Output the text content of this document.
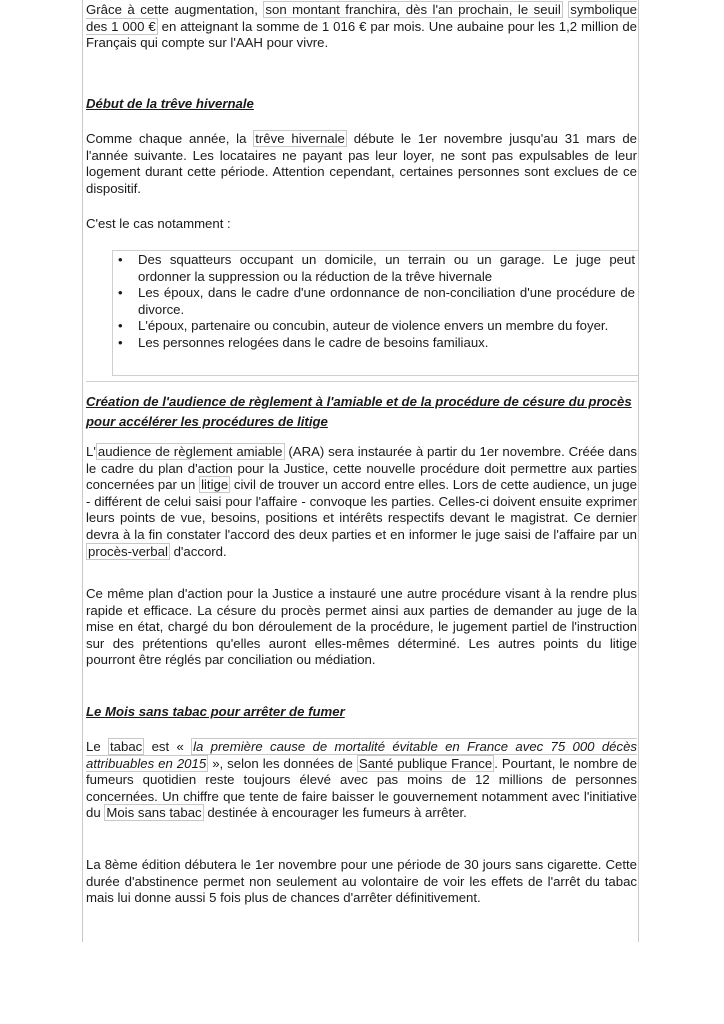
Grâce à cette augmentation, son montant franchira, dès l'an prochain, le seuil symbolique des 1 000 € en atteignant la somme de 1 016 € par mois. Une aubaine pour les 1,2 million de Français qui compte sur l'AAH pour vivre.

Début de la trêve hivernale

Comme chaque année, la trêve hivernale débute le 1er novembre jusqu'au 31 mars de l'année suivante. Les locataires ne payant pas leur loyer, ne sont pas expulsables de leur logement durant cette période. Attention cependant, certaines personnes sont exclues de ce dispositif.

C'est le cas notamment :

• Des squatteurs occupant un domicile, un terrain ou un garage. Le juge peut ordonner la suppression ou la réduction de la trêve hivernale
• Les époux, dans le cadre d'une ordonnance de non-conciliation d'une procédure de divorce.
• L'époux, partenaire ou concubin, auteur de violence envers un membre du foyer.
• Les personnes relogées dans le cadre de besoins familiaux.

Création de l'audience de règlement à l'amiable et de la procédure de césure du procès pour accélérer les procédures de litige

L' audience de règlement amiable (ARA) sera instaurée à partir du 1er novembre. Créée dans le cadre du plan d'action pour la Justice, cette nouvelle procédure doit permettre aux parties concernées par un litige civil de trouver un accord entre elles. Lors de cette audience, un juge - différent de celui saisi pour l'affaire - convoque les parties. Celles-ci doivent ensuite exprimer leurs points de vue, besoins, positions et intérêts respectifs devant le magistrat. Ce dernier devra à la fin constater l'accord des deux parties et en informer le juge saisi de l'affaire par un procès-verbal d'accord.

Ce même plan d'action pour la Justice a instauré une autre procédure visant à la rendre plus rapide et efficace. La césure du procès permet ainsi aux parties de demander au juge de la mise en état, chargé du bon déroulement de la procédure, le jugement partiel de l'instruction sur des prétentions qu'elles auront elles-mêmes déterminé. Les autres points du litige pourront être réglés par conciliation ou médiation.

Le Mois sans tabac pour arrêter de fumer

Le tabac est « la première cause de mortalité évitable en France avec 75 000 décès attribuables en 2015 », selon les données de Santé publique France . Pourtant, le nombre de fumeurs quotidien reste toujours élevé avec pas moins de 12 millions de personnes concernées. Un chiffre que tente de faire baisser le gouvernement notamment avec l'initiative du Mois sans tabac destinée à encourager les fumeurs à arrêter.

La 8ème édition débutera le 1er novembre pour une période de 30 jours sans cigarette. Cette durée d'abstinence permet non seulement au volontaire de voir les effets de l'arrêt du tabac mais lui donne aussi 5 fois plus de chances d'arrêter définitivement.
